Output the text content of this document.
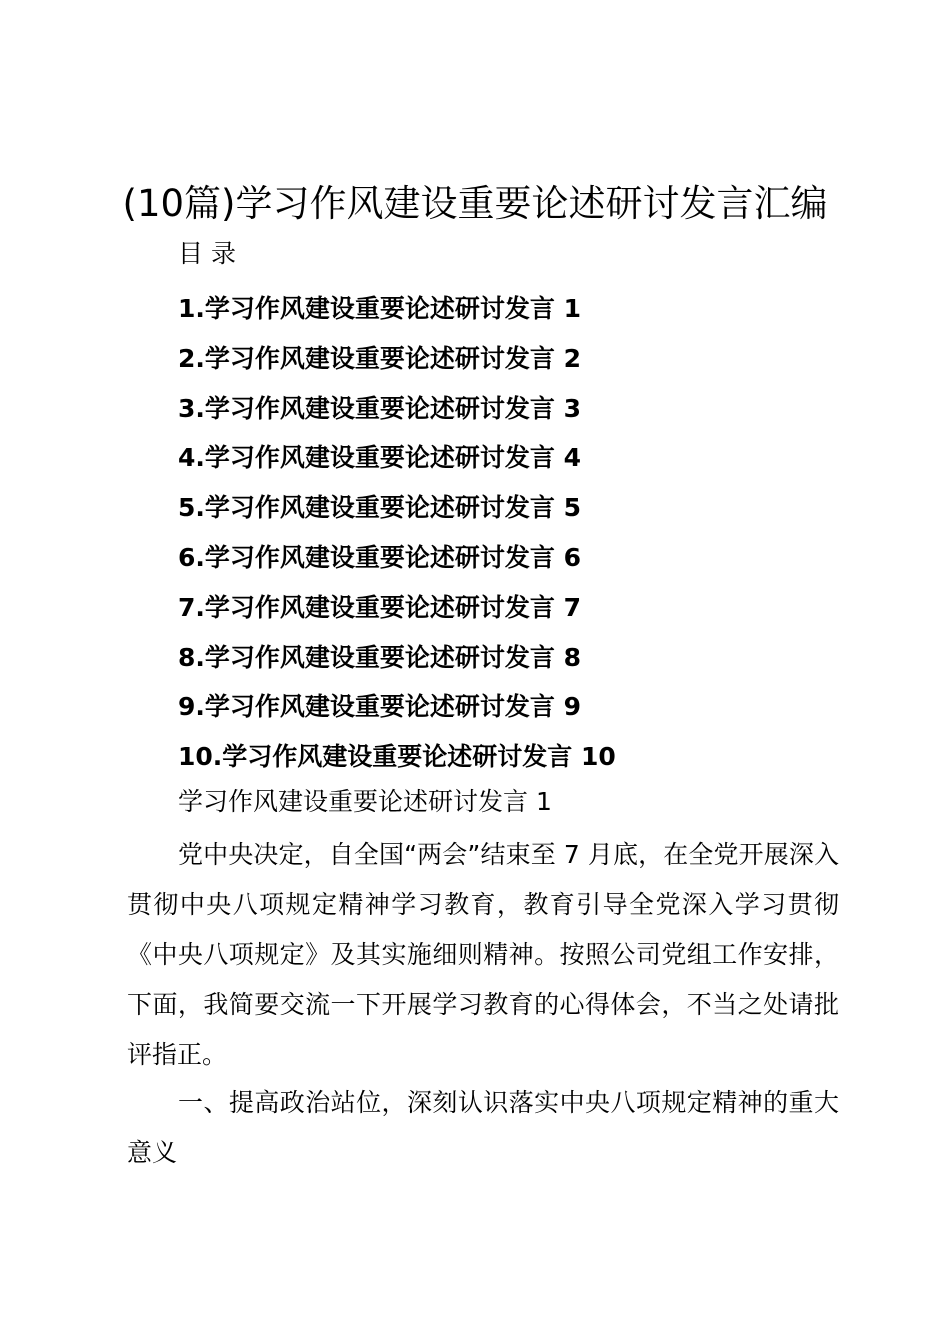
(10篇)学习作风建设重要论述研讨发言汇编
目 录
1.学习作风建设重要论述研讨发言 1
2.学习作风建设重要论述研讨发言 2
3.学习作风建设重要论述研讨发言 3
4.学习作风建设重要论述研讨发言 4
5.学习作风建设重要论述研讨发言 5
6.学习作风建设重要论述研讨发言 6
7.学习作风建设重要论述研讨发言 7
8.学习作风建设重要论述研讨发言 8
9.学习作风建设重要论述研讨发言 9
10.学习作风建设重要论述研讨发言 10
学习作风建设重要论述研讨发言 1

党中央决定，自全国“两会”结束至 7 月底，在全党开展深入贯彻中央八项规定精神学习教育，教育引导全党深入学习贯彻《中央八项规定》及其实施细则精神。按照公司党组工作安排，下面，我简要交流一下开展学习教育的心得体会，不当之处请批评指正。

一、提高政治站位，深刻认识落实中央八项规定精神的重大意义
